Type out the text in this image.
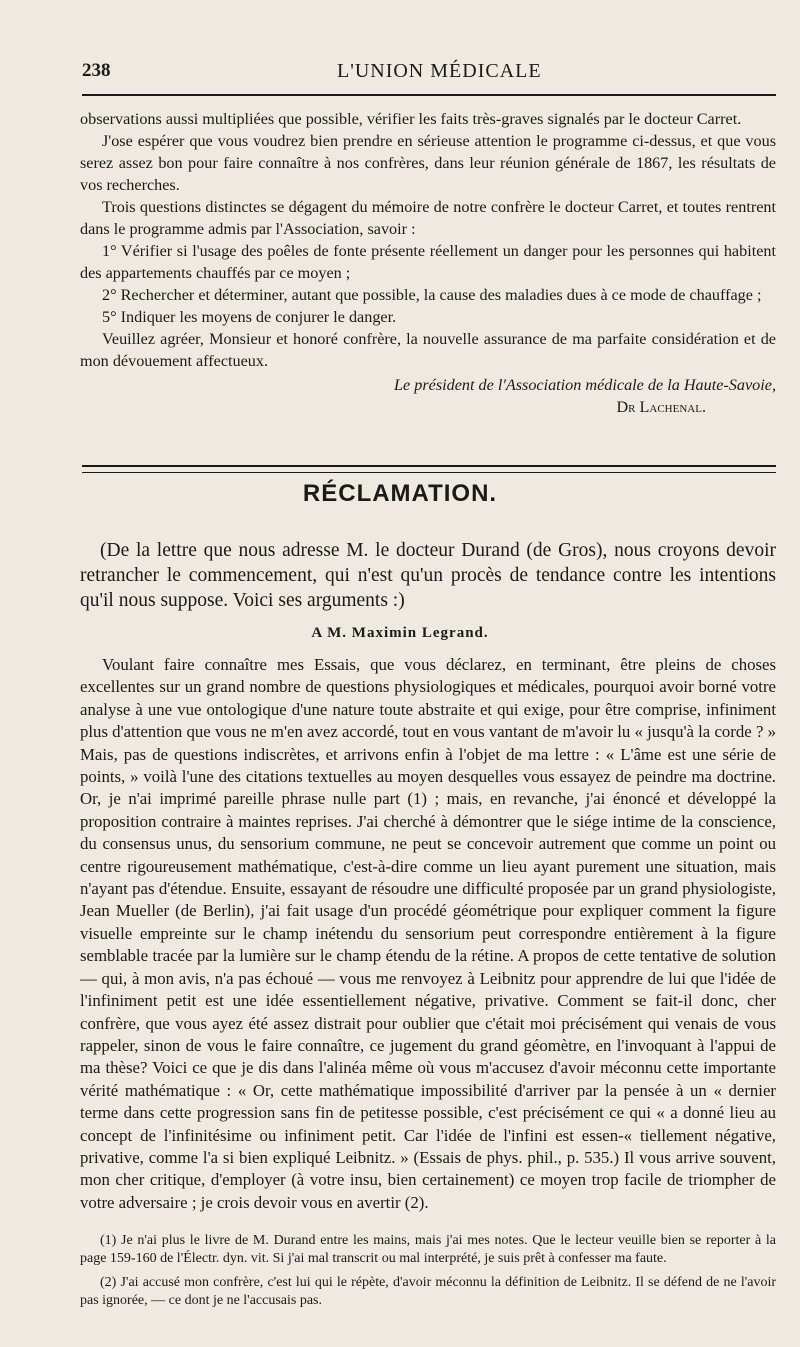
238	L'UNION MÉDICALE

observations aussi multipliées que possible, vérifier les faits très-graves signalés par le docteur Carret.

J'ose espérer que vous voudrez bien prendre en sérieuse attention le programme ci-dessus, et que vous serez assez bon pour faire connaître à nos confrères, dans leur réunion générale de 1867, les résultats de vos recherches.

Trois questions distinctes se dégagent du mémoire de notre confrère le docteur Carret, et toutes rentrent dans le programme admis par l'Association, savoir :

1° Vérifier si l'usage des poêles de fonte présente réellement un danger pour les personnes qui habitent des appartements chauffés par ce moyen ;

2° Rechercher et déterminer, autant que possible, la cause des maladies dues à ce mode de chauffage ;

5° Indiquer les moyens de conjurer le danger.

Veuillez agréer, Monsieur et honoré confrère, la nouvelle assurance de ma parfaite considération et de mon dévouement affectueux.

Le président de l'Association médicale de la Haute-Savoie,

Dr Lachenal.

RÉCLAMATION.

(De la lettre que nous adresse M. le docteur Durand (de Gros), nous croyons devoir retrancher le commencement, qui n'est qu'un procès de tendance contre les intentions qu'il nous suppose. Voici ses arguments :)

A M. Maximin Legrand.

Voulant faire connaître mes Essais, que vous déclarez, en terminant, être pleins de choses excellentes sur un grand nombre de questions physiologiques et médicales, pourquoi avoir borné votre analyse à une vue ontologique d'une nature toute abstraite et qui exige, pour être comprise, infiniment plus d'attention que vous ne m'en avez accordé, tout en vous vantant de m'avoir lu « jusqu'à la corde ? » Mais, pas de questions indiscrètes, et arrivons enfin à l'objet de ma lettre : « L'âme est une série de points, » voilà l'une des citations textuelles au moyen desquelles vous essayez de peindre ma doctrine. Or, je n'ai imprimé pareille phrase nulle part (1) ; mais, en revanche, j'ai énoncé et développé la proposition contraire à maintes reprises. J'ai cherché à démontrer que le siége intime de la conscience, du consensus unus, du sensorium commune, ne peut se concevoir autrement que comme un point ou centre rigoureusement mathématique, c'est-à-dire comme un lieu ayant purement une situation, mais n'ayant pas d'étendue. Ensuite, essayant de résoudre une difficulté proposée par un grand physiologiste, Jean Mueller (de Berlin), j'ai fait usage d'un procédé géométrique pour expliquer comment la figure visuelle empreinte sur le champ inétendu du sensorium peut correspondre entièrement à la figure semblable tracée par la lumière sur le champ étendu de la rétine. A propos de cette tentative de solution — qui, à mon avis, n'a pas échoué — vous me renvoyez à Leibnitz pour apprendre de lui que l'idée de l'infiniment petit est une idée essentiellement négative, privative. Comment se fait-il donc, cher confrère, que vous ayez été assez distrait pour oublier que c'était moi précisément qui venais de vous rappeler, sinon de vous le faire connaître, ce jugement du grand géomètre, en l'invoquant à l'appui de ma thèse? Voici ce que je dis dans l'alinéa même où vous m'accusez d'avoir méconnu cette importante vérité mathématique : « Or, cette mathématique impossibilité d'arriver par la pensée à un « dernier terme dans cette progression sans fin de petitesse possible, c'est précisément ce qui « a donné lieu au concept de l'infinitésime ou infiniment petit. Car l'idée de l'infini est essen-« tiellement négative, privative, comme l'a si bien expliqué Leibnitz. » (Essais de phys. phil., p. 535.) Il vous arrive souvent, mon cher critique, d'employer (à votre insu, bien certainement) ce moyen trop facile de triompher de votre adversaire ; je crois devoir vous en avertir (2).

(1) Je n'ai plus le livre de M. Durand entre les mains, mais j'ai mes notes. Que le lecteur veuille bien se reporter à la page 159-160 de l'Électr. dyn. vit. Si j'ai mal transcrit ou mal interprété, je suis prêt à confesser ma faute.

(2) J'ai accusé mon confrère, c'est lui qui le répète, d'avoir méconnu la définition de Leibnitz. Il se défend de ne l'avoir pas ignorée, — ce dont je ne l'accusais pas.
